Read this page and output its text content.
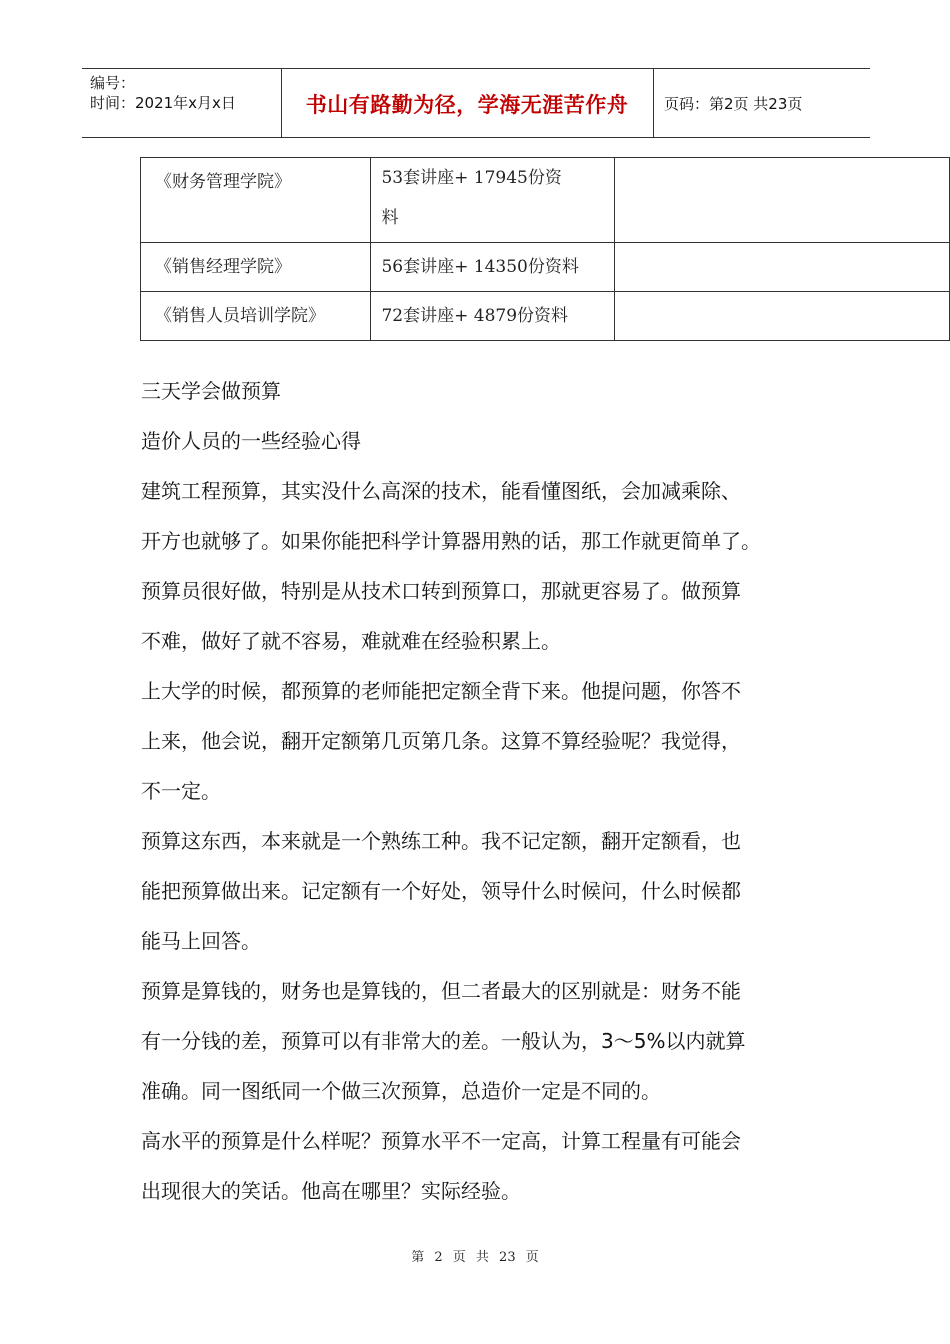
编号：
时间：2021年x月x日	书山有路勤为径，学海无涯苦作舟	页码：第2页 共23页
《财务管理学院》	53套讲座+ 17945份资
料	

《销售经理学院》	56套讲座+ 14350份资料	
《销售人员培训学院》	72套讲座+ 4879份资料	

三天学会做预算

造价人员的一些经验心得

建筑工程预算，其实没什么高深的技术，能看懂图纸，会加减乘除、

开方也就够了。如果你能把科学计算器用熟的话，那工作就更简单了。

预算员很好做，特别是从技术口转到预算口，那就更容易了。做预算

不难，做好了就不容易，难就难在经验积累上。

上大学的时候，都预算的老师能把定额全背下来。他提问题，你答不

上来，他会说，翻开定额第几页第几条。这算不算经验呢？我觉得，

不一定。

预算这东西，本来就是一个熟练工种。我不记定额，翻开定额看，也

能把预算做出来。记定额有一个好处，领导什么时候问，什么时候都

能马上回答。

预算是算钱的，财务也是算钱的，但二者最大的区别就是：财务不能

有一分钱的差，预算可以有非常大的差。一般认为，3～5%以内就算

准确。同一图纸同一个做三次预算，总造价一定是不同的。

高水平的预算是什么样呢？预算水平不一定高，计算工程量有可能会

出现很大的笑话。他高在哪里？实际经验。

第 2 页 共 23 页
